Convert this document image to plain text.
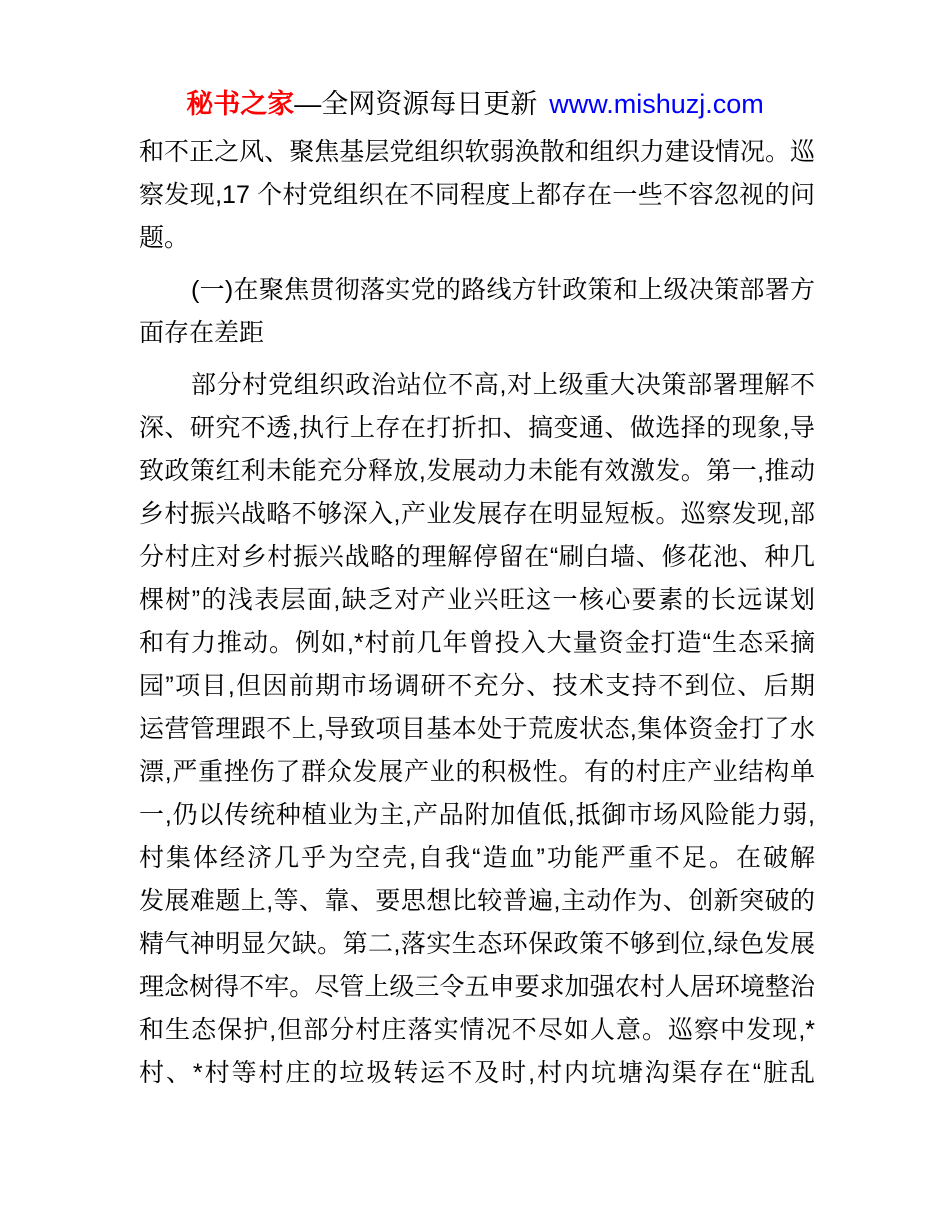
秘书之家—全网资源每日更新 www.mishuzj.com
和不正之风、聚焦基层党组织软弱涣散和组织力建设情况。巡
察发现,17 个村党组织在不同程度上都存在一些不容忽视的问
题。
(一)在聚焦贯彻落实党的路线方针政策和上级决策部署方
面存在差距
部分村党组织政治站位不高,对上级重大决策部署理解不
深、研究不透,执行上存在打折扣、搞变通、做选择的现象,导
致政策红利未能充分释放,发展动力未能有效激发。第一,推动
乡村振兴战略不够深入,产业发展存在明显短板。巡察发现,部
分村庄对乡村振兴战略的理解停留在“刷白墙、修花池、种几
棵树”的浅表层面,缺乏对产业兴旺这一核心要素的长远谋划
和有力推动。例如,*村前几年曾投入大量资金打造“生态采摘
园”项目,但因前期市场调研不充分、技术支持不到位、后期
运营管理跟不上,导致项目基本处于荒废状态,集体资金打了水
漂,严重挫伤了群众发展产业的积极性。有的村庄产业结构单
一,仍以传统种植业为主,产品附加值低,抵御市场风险能力弱,
村集体经济几乎为空壳,自我“造血”功能严重不足。在破解
发展难题上,等、靠、要思想比较普遍,主动作为、创新突破的
精气神明显欠缺。第二,落实生态环保政策不够到位,绿色发展
理念树得不牢。尽管上级三令五申要求加强农村人居环境整治
和生态保护,但部分村庄落实情况不尽如人意。巡察中发现,*
村、*村等村庄的垃圾转运不及时,村内坑塘沟渠存在“脏乱
